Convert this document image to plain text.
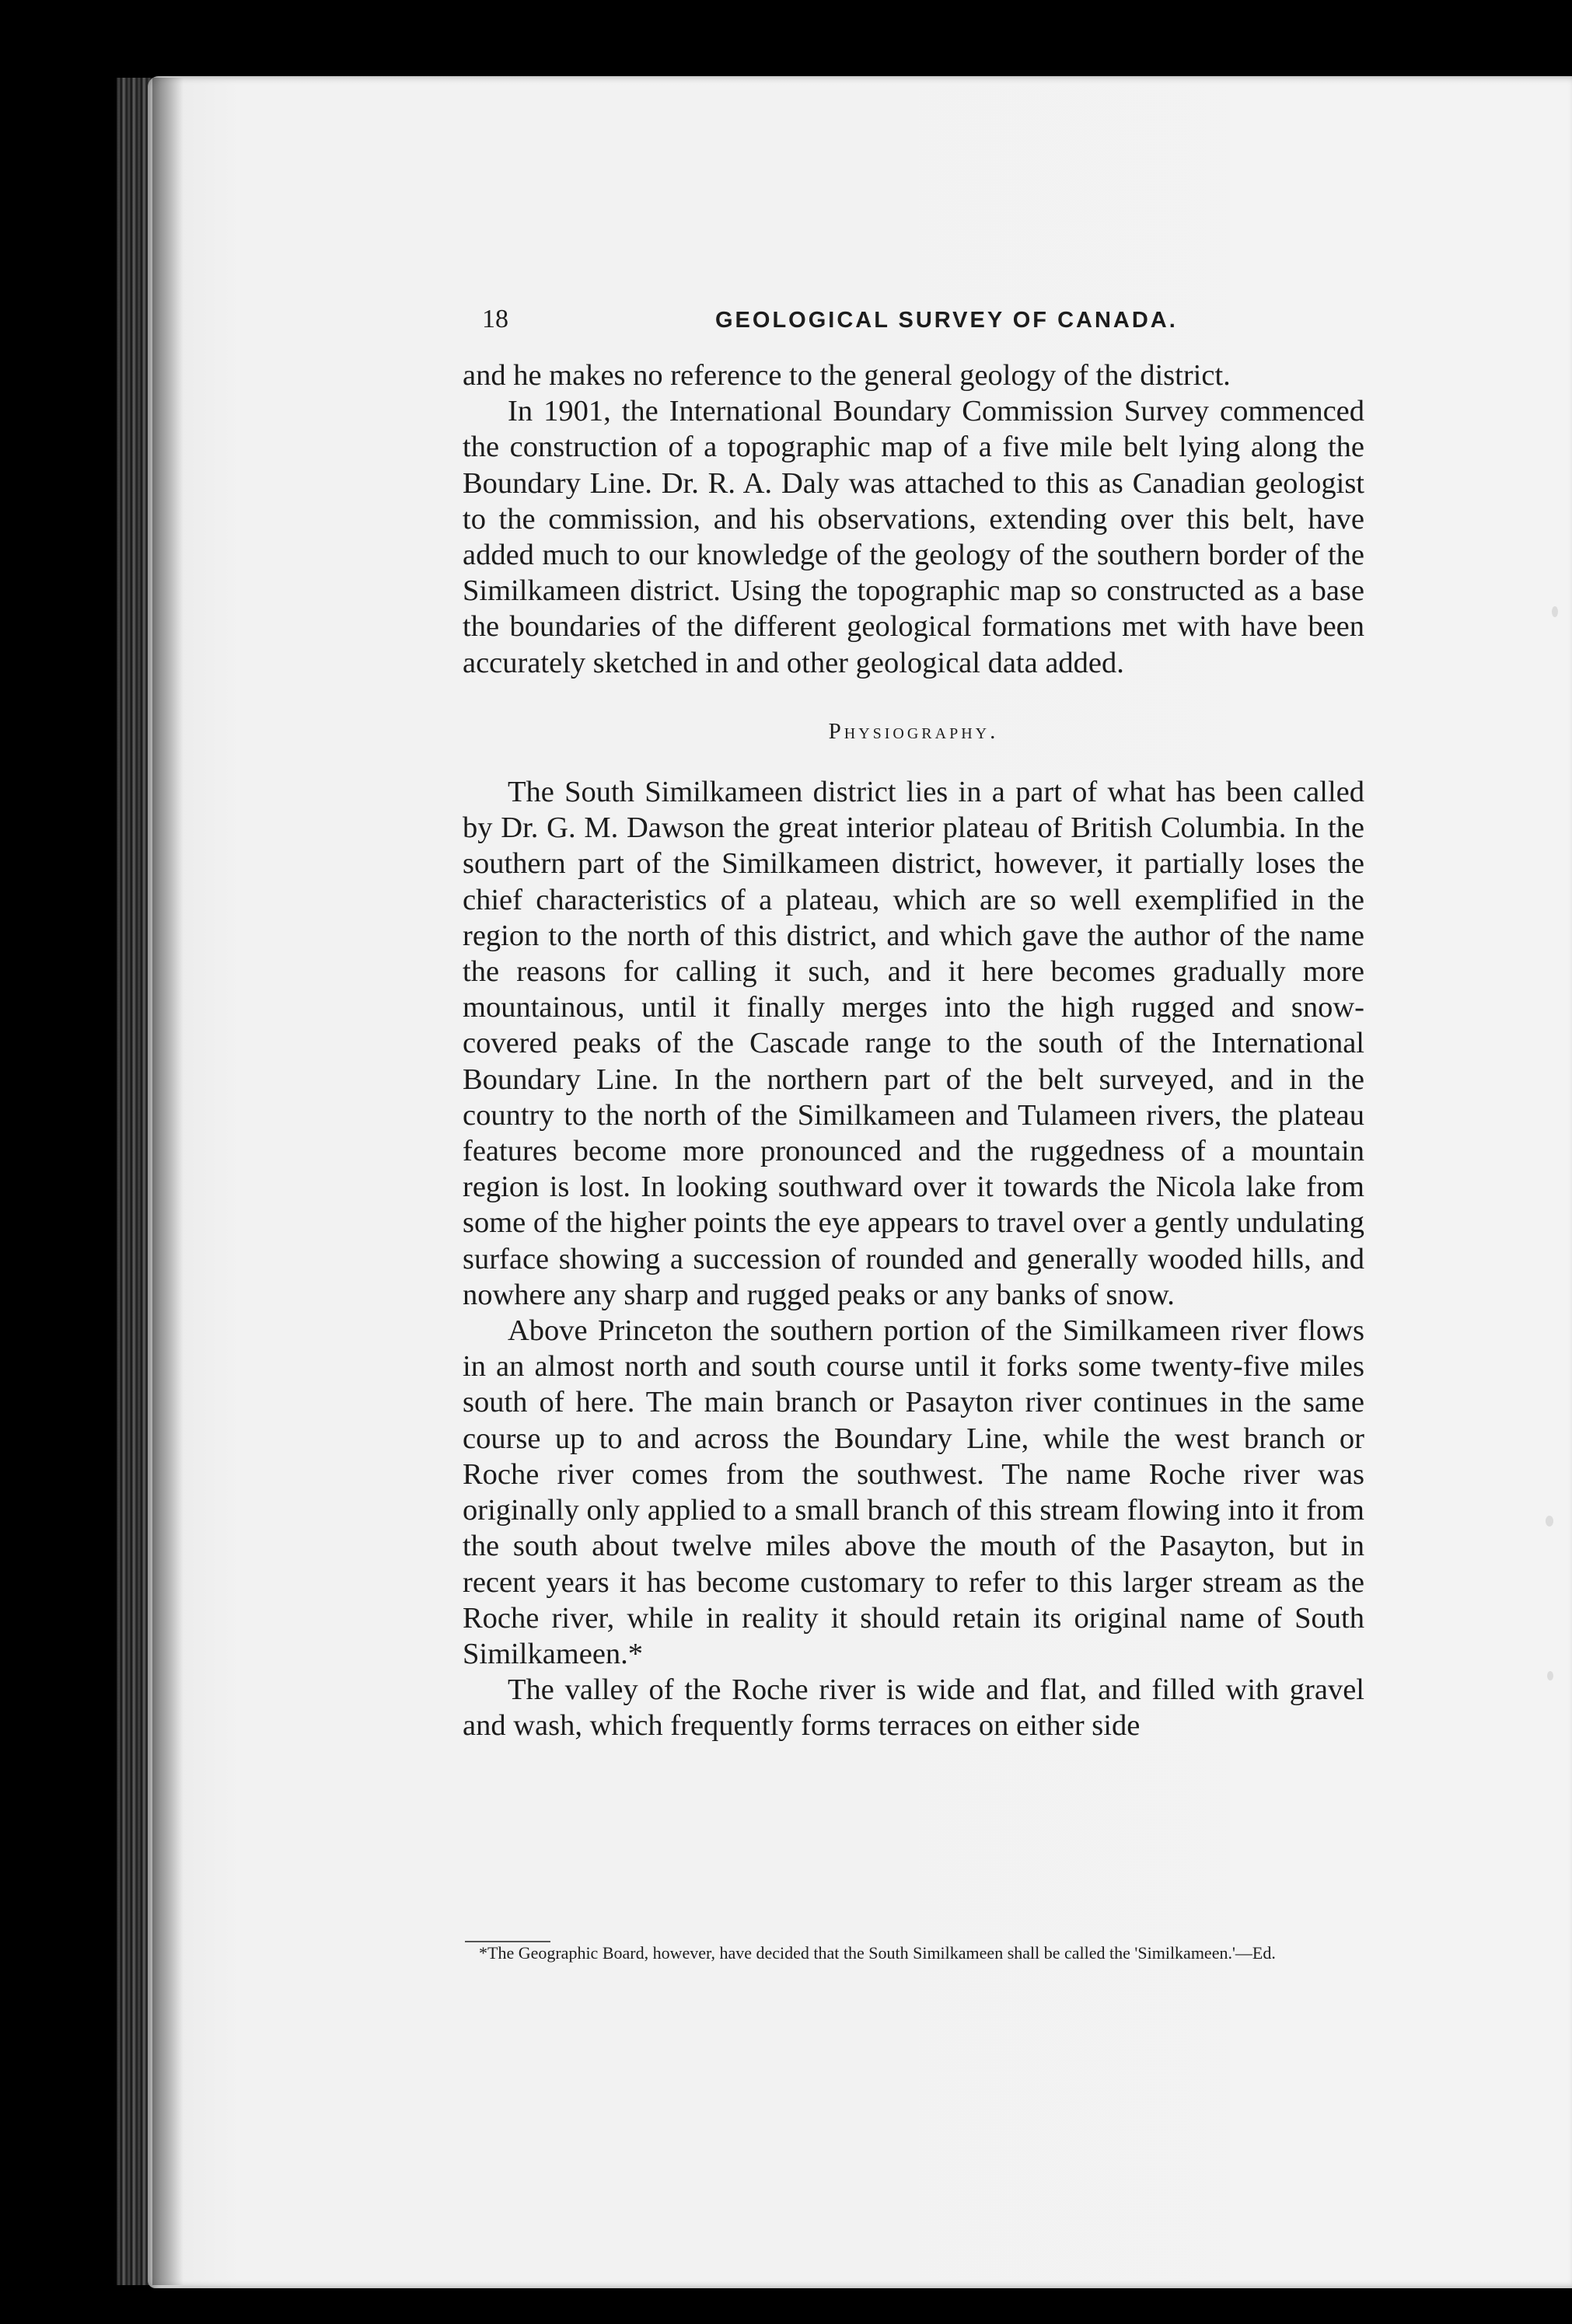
18	GEOLOGICAL SURVEY OF CANADA.

and he makes no reference to the general geology of the district.

In 1901, the International Boundary Commission Survey commenced the construction of a topographic map of a five mile belt lying along the Boundary Line. Dr. R. A. Daly was attached to this as Canadian geologist to the commission, and his observations, extending over this belt, have added much to our knowledge of the geology of the southern border of the Similkameen district. Using the topographic map so constructed as a base the boundaries of the different geological formations met with have been accurately sketched in and other geological data added.

Physiography.

The South Similkameen district lies in a part of what has been called by Dr. G. M. Dawson the great interior plateau of British Columbia. In the southern part of the Similkameen district, however, it partially loses the chief characteristics of a plateau, which are so well exemplified in the region to the north of this district, and which gave the author of the name the reasons for calling it such, and it here becomes gradually more mountainous, until it finally merges into the high rugged and snow-covered peaks of the Cascade range to the south of the International Boundary Line. In the northern part of the belt surveyed, and in the country to the north of the Similkameen and Tulameen rivers, the plateau features become more pronounced and the ruggedness of a mountain region is lost. In looking southward over it towards the Nicola lake from some of the higher points the eye appears to travel over a gently undulating surface showing a succession of rounded and generally wooded hills, and nowhere any sharp and rugged peaks or any banks of snow.

Above Princeton the southern portion of the Similkameen river flows in an almost north and south course until it forks some twenty-five miles south of here. The main branch or Pasayton river continues in the same course up to and across the Boundary Line, while the west branch or Roche river comes from the southwest. The name Roche river was originally only applied to a small branch of this stream flowing into it from the south about twelve miles above the mouth of the Pasayton, but in recent years it has become customary to refer to this larger stream as the Roche river, while in reality it should retain its original name of South Similkameen.*

The valley of the Roche river is wide and flat, and filled with gravel and wash, which frequently forms terraces on either side

*The Geographic Board, however, have decided that the South Similkameen shall be called the 'Similkameen.'—Ed.
